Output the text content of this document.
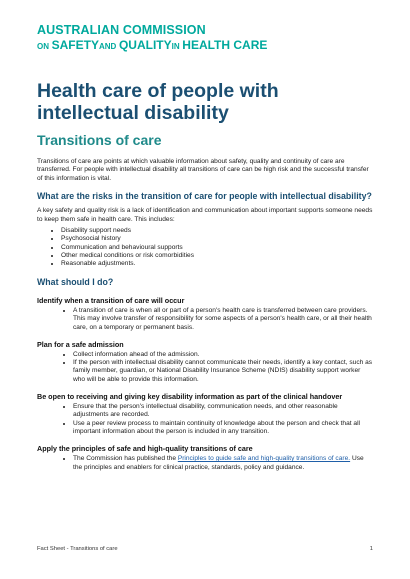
AUSTRALIAN COMMISSION
ON SAFETYAND QUALITYIN HEALTH CARE
Health care of people with intellectual disability
Transitions of care

Transitions of care are points at which valuable information about safety, quality and continuity of care are transferred. For people with intellectual disability all transitions of care can be high risk and the successful transfer of this information is vital.

What are the risks in the transition of care for people with intellectual disability?

A key safety and quality risk is a lack of identification and communication about important supports someone needs to keep them safe in health care. This includes:

• Disability support needs
• Psychosocial history
• Communication and behavioural supports
• Other medical conditions or risk comorbidities
• Reasonable adjustments.
What should I do?
Identify when a transition of care will occur
• A transition of care is when all or part of a person's health care is transferred between care providers. This may involve transfer of responsibility for some aspects of a person's health care, or all their health care, on a temporary or permanent basis.
Plan for a safe admission
• Collect information ahead of the admission.
• If the person with intellectual disability cannot communicate their needs, identify a key contact, such as family member, guardian, or National Disability Insurance Scheme (NDIS) disability support worker who will be able to provide this information.
Be open to receiving and giving key disability information as part of the clinical handover
• Ensure that the person's intellectual disability, communication needs, and other reasonable adjustments are recorded.
• Use a peer review process to maintain continuity of knowledge about the person and check that all important information about the person is included in any transition.
Apply the principles of safe and high-quality transitions of care
• The Commission has published the Principles to guide safe and high-quality transitions of care. Use the principles and enablers for clinical practice, standards, policy and guidance.
Fact Sheet - Transitions of care	1
